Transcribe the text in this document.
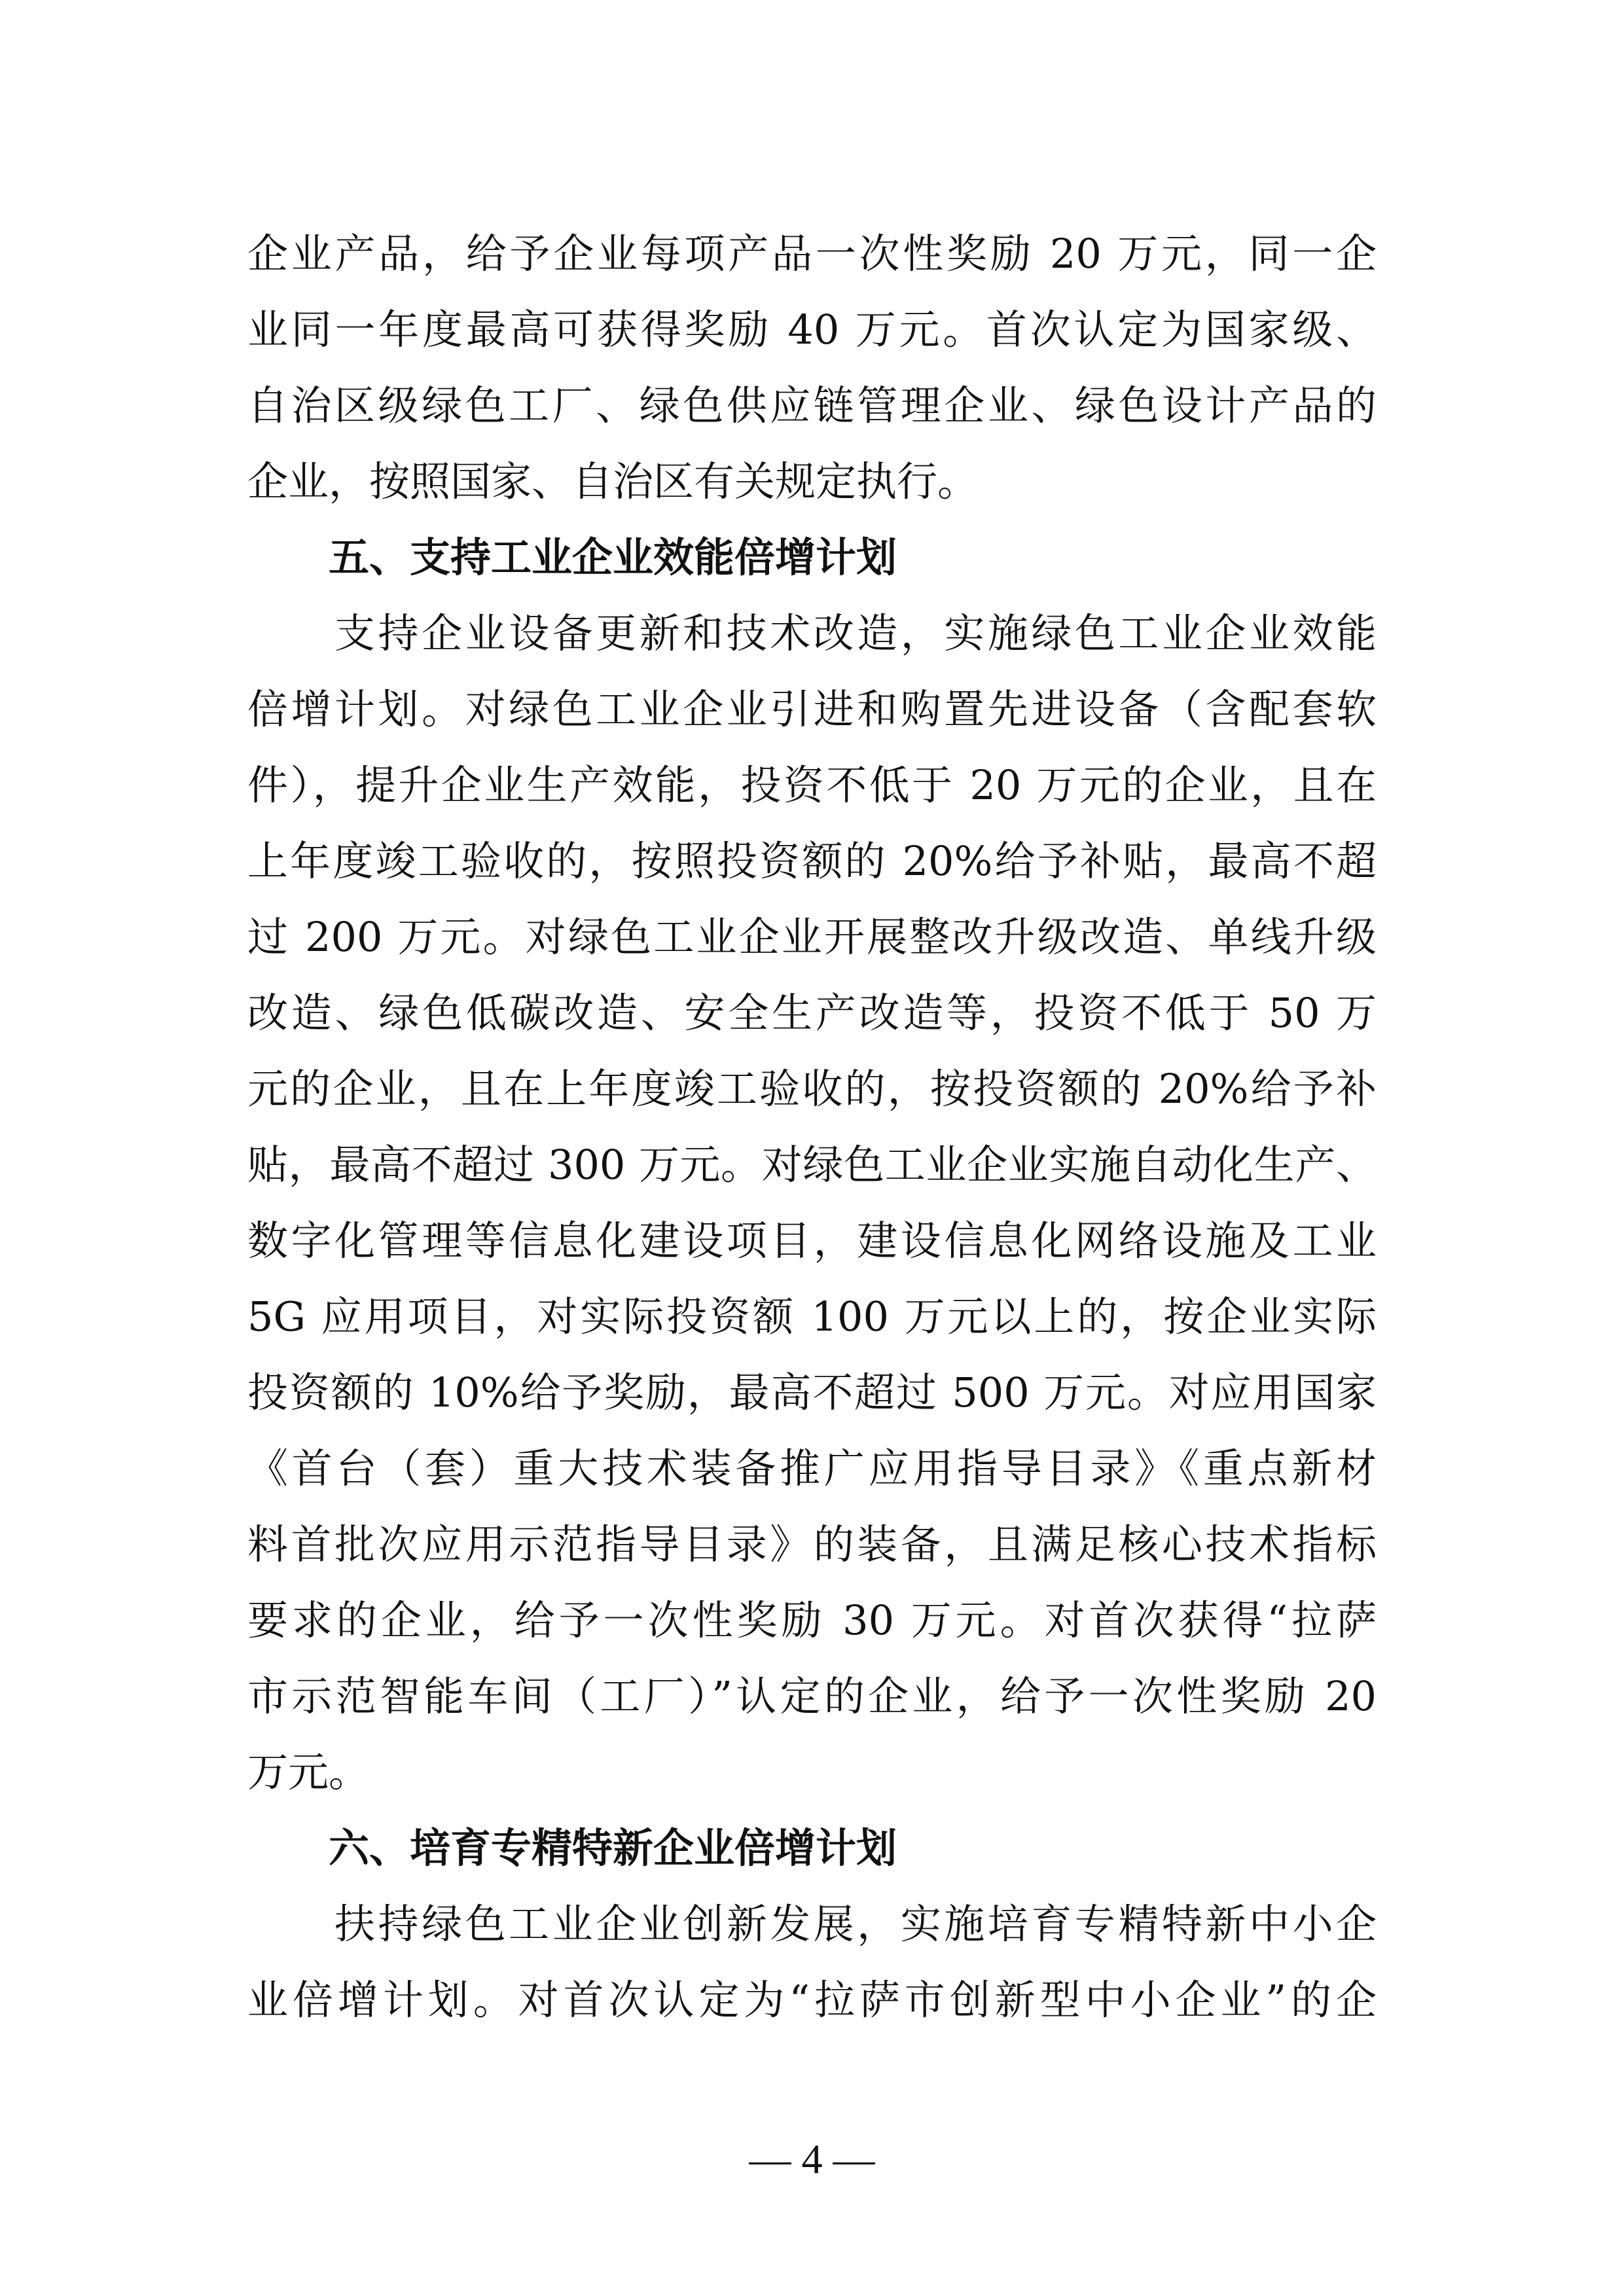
企业产品，给予企业每项产品一次性奖励 20 万元，同一企
业同一年度最高可获得奖励 40 万元。首次认定为国家级、
自治区级绿色工厂、绿色供应链管理企业、绿色设计产品的
企业，按照国家、自治区有关规定执行。
五、支持工业企业效能倍增计划
　　支持企业设备更新和技术改造，实施绿色工业企业效能
倍增计划。对绿色工业企业引进和购置先进设备（含配套软
件），提升企业生产效能，投资不低于 20 万元的企业，且在
上年度竣工验收的，按照投资额的 20%给予补贴，最高不超
过 200 万元。对绿色工业企业开展整改升级改造、单线升级
改造、绿色低碳改造、安全生产改造等，投资不低于 50 万
元的企业，且在上年度竣工验收的，按投资额的 20%给予补
贴，最高不超过 300 万元。对绿色工业企业实施自动化生产、
数字化管理等信息化建设项目，建设信息化网络设施及工业
5G 应用项目，对实际投资额 100 万元以上的，按企业实际
投资额的 10%给予奖励，最高不超过 500 万元。对应用国家
《首台（套）重大技术装备推广应用指导目录》《重点新材
料首批次应用示范指导目录》的装备，且满足核心技术指标
要求的企业，给予一次性奖励 30 万元。对首次获得“拉萨
市示范智能车间（工厂）”认定的企业，给予一次性奖励 20
万元。
六、培育专精特新企业倍增计划
　　扶持绿色工业企业创新发展，实施培育专精特新中小企
业倍增计划。对首次认定为“拉萨市创新型中小企业”的企
— 4 —
